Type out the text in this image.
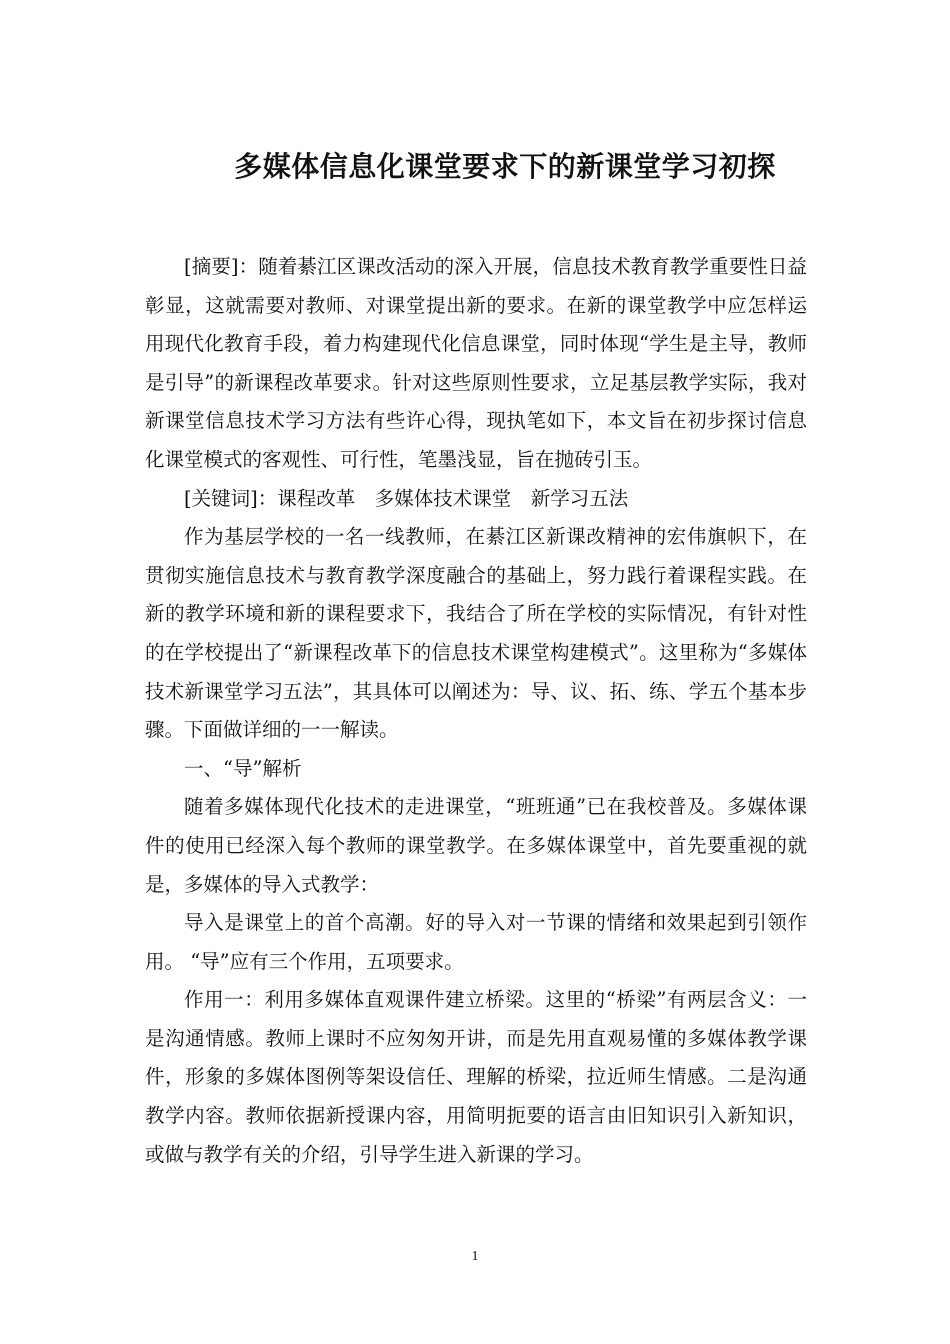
多媒体信息化课堂要求下的新课堂学习初探

[摘要]：随着綦江区课改活动的深入开展，信息技术教育教学重要性日益彰显，这就需要对教师、对课堂提出新的要求。在新的课堂教学中应怎样运用现代化教育手段，着力构建现代化信息课堂，同时体现“学生是主导，教师是引导”的新课程改革要求。针对这些原则性要求，立足基层教学实际，我对新课堂信息技术学习方法有些许心得，现执笔如下，本文旨在初步探讨信息化课堂模式的客观性、可行性，笔墨浅显，旨在抛砖引玉。

[关键词]：课程改革　多媒体技术课堂　新学习五法

作为基层学校的一名一线教师，在綦江区新课改精神的宏伟旗帜下，在贯彻实施信息技术与教育教学深度融合的基础上，努力践行着课程实践。在新的教学环境和新的课程要求下，我结合了所在学校的实际情况，有针对性的在学校提出了“新课程改革下的信息技术课堂构建模式”。这里称为“多媒体技术新课堂学习五法”，其具体可以阐述为：导、议、拓、练、学五个基本步骤。下面做详细的一一解读。

一、“导”解析

随着多媒体现代化技术的走进课堂，“班班通”已在我校普及。多媒体课件的使用已经深入每个教师的课堂教学。在多媒体课堂中，首先要重视的就是，多媒体的导入式教学：

导入是课堂上的首个高潮。好的导入对一节课的情绪和效果起到引领作用。 “导”应有三个作用，五项要求。

作用一：利用多媒体直观课件建立桥梁。这里的“桥梁”有两层含义：一是沟通情感。教师上课时不应匆匆开讲，而是先用直观易懂的多媒体教学课件，形象的多媒体图例等架设信任、理解的桥梁，拉近师生情感。二是沟通教学内容。教师依据新授课内容，用简明扼要的语言由旧知识引入新知识，或做与教学有关的介绍，引导学生进入新课的学习。

1
